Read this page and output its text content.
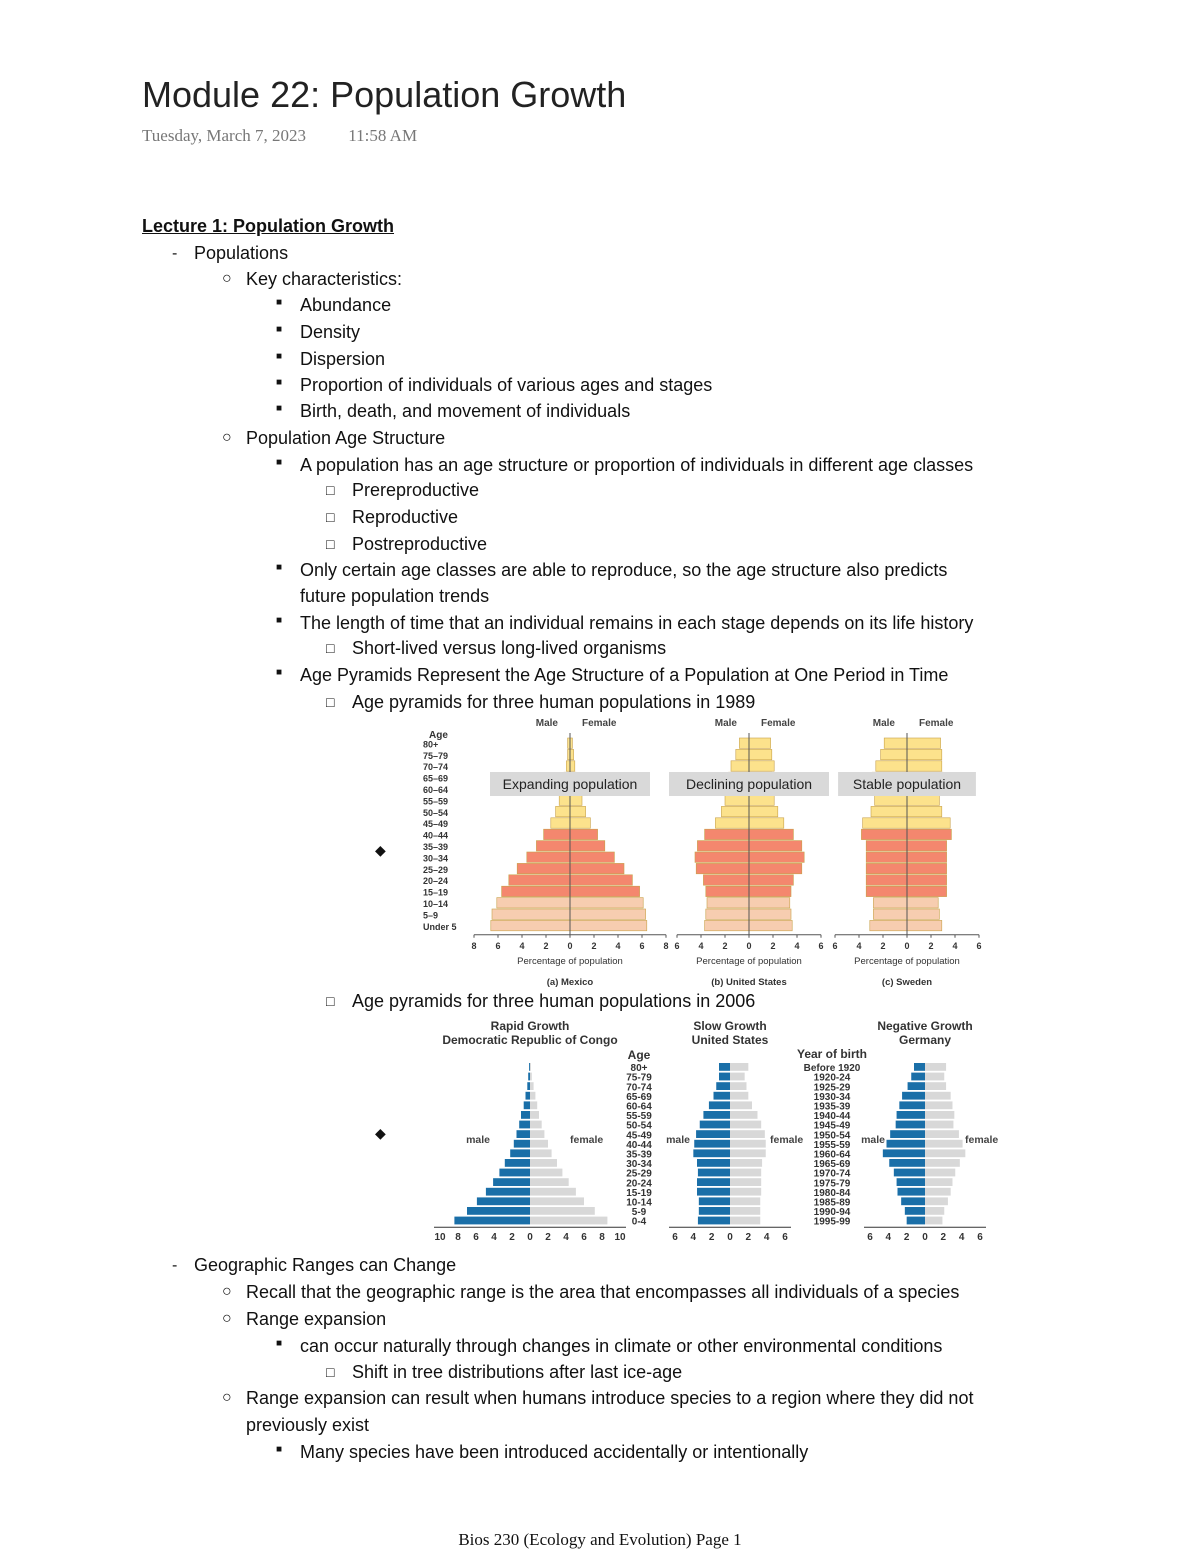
Module 22: Population Growth
Tuesday, March 7, 2023 11:58 AM
Lecture 1: Population Growth
- Populations
○ Key characteristics:
■ Abundance
■ Density
■ Dispersion
■ Proportion of individuals of various ages and stages
■ Birth, death, and movement of individuals
○ Population Age Structure
■ A population has an age structure or proportion of individuals in different age classes
□ Prereproductive
□ Reproductive
□ Postreproductive
■ Only certain age classes are able to reproduce, so the age structure also predicts
future population trends
■ The length of time that an individual remains in each stage depends on its life history
□ Short-lived versus long-lived organisms
■ Age Pyramids Represent the Age Structure of a Population at One Period in Time
□ Age pyramids for three human populations in 1989
◆
Age
80+
75–79
70–74
65–69
60–64
55–59
50–54
45–49
40–44
35–39
30–34
25–29
20–24
15–19
10–14
5–9
Under 5
Male Female
8 6 4 2 0 2 4 6 8
Percentage of population
(a) Mexico
Expanding population
Male Female
6 4 2 0 2 4 6
Percentage of population
(b) United States
Declining population
Male Female
6 4 2 0 2 4 6
Percentage of population
(c) Sweden
Stable population
□ Age pyramids for three human populations in 2006
◆
Rapid Growth
Democratic Republic of Congo
10 8 6 4 2 0 2 4 6 8 10
male	female
Slow Growth
United States
6 4 2 0 2 4 6
male	female
Negative Growth
Germany
6 4 2 0 2 4 6
male	female
Age
80+
75-79
70-74
65-69
60-64
55-59
50-54
45-49
40-44
35-39
30-34
25-29
20-24
15-19
10-14
5-9
0-4
Year of birth
Before 1920
1920-24
1925-29
1930-34
1935-39
1940-44
1945-49
1950-54
1955-59
1960-64
1965-69
1970-74
1975-79
1980-84
1985-89
1990-94
1995-99
- Geographic Ranges can Change
○ Recall that the geographic range is the area that encompasses all individuals of a species
○ Range expansion
■ can occur naturally through changes in climate or other environmental conditions
□ Shift in tree distributions after last ice-age
○ Range expansion can result when humans introduce species to a region where they did not
previously exist
■ Many species have been introduced accidentally or intentionally
Bios 230 (Ecology and Evolution) Page 1
